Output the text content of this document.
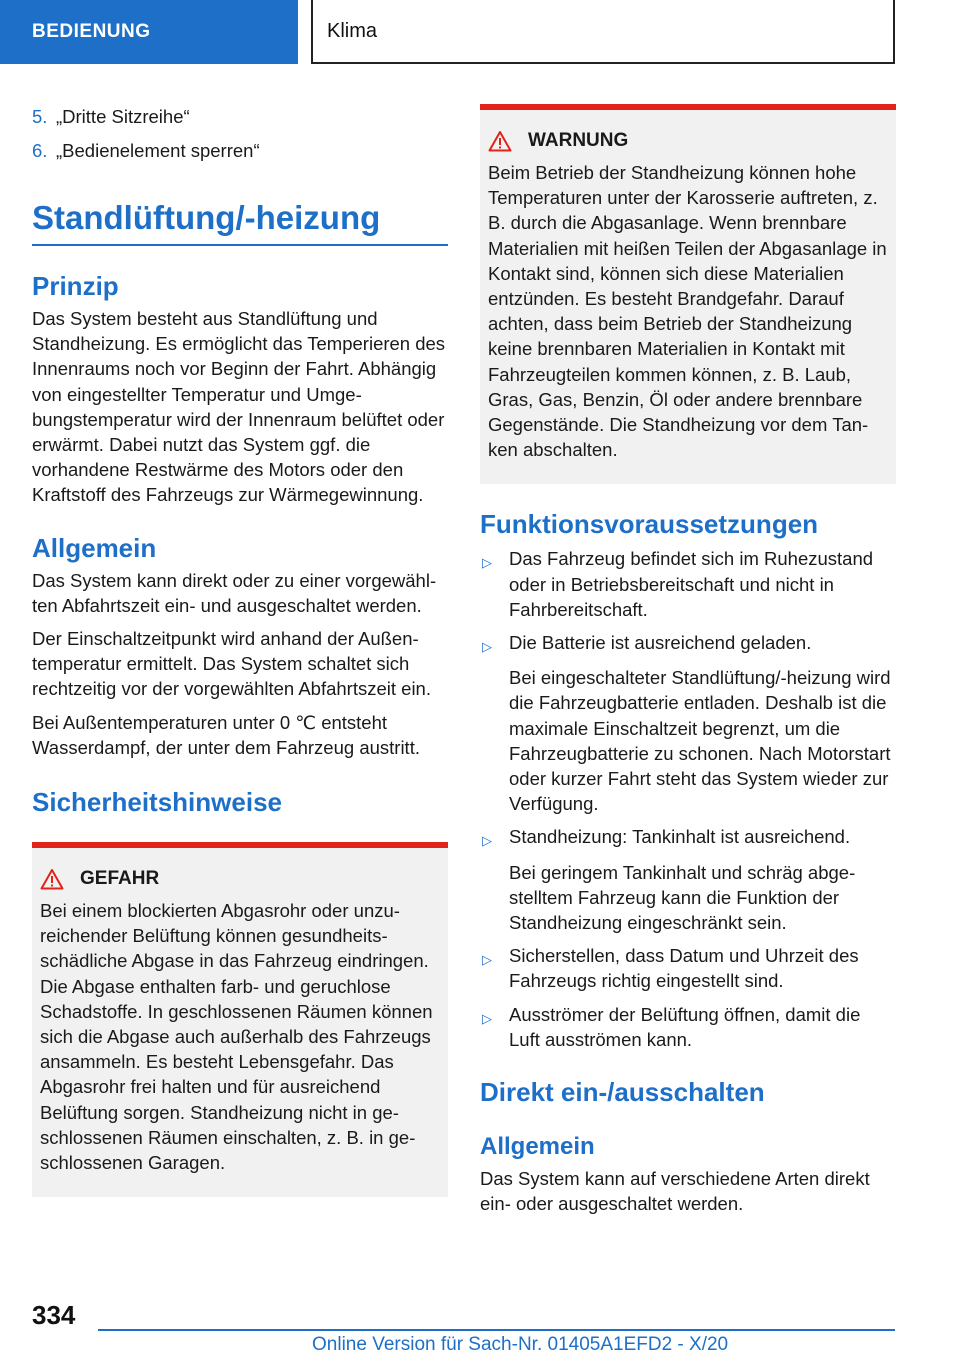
BEDIENUNG	Klima
5. „Dritte Sitzreihe“
6. „Bedienelement sperren“
Standlüftung/-heizung
Prinzip

Das System besteht aus Standlüftung und Standheizung. Es ermöglicht das Temperieren des Innenraums noch vor Beginn der Fahrt. Abhängig von eingestellter Temperatur und Umgebungstemperatur wird der Innenraum belüftet oder erwärmt. Dabei nutzt das System ggf. die vorhandene Restwärme des Motors oder den Kraftstoff des Fahrzeugs zur Wärmegewinnung.

Allgemein

Das System kann direkt oder zu einer vorgewählten Abfahrtszeit ein- und ausgeschaltet werden.

Der Einschaltzeitpunkt wird anhand der Außentemperatur ermittelt. Das System schaltet sich rechtzeitig vor der vorgewählten Abfahrtszeit ein.

Bei Außentemperaturen unter 0 ℃ entsteht Wasserdampf, der unter dem Fahrzeug austritt.

Sicherheitshinweise
GEFAHR

Bei einem blockierten Abgasrohr oder unzureichender Belüftung können gesundheitsschädliche Abgase in das Fahrzeug eindringen. Die Abgase enthalten farb- und geruchlose Schadstoffe. In geschlossenen Räumen können sich die Abgase auch außerhalb des Fahrzeugs ansammeln. Es besteht Lebensgefahr. Das Abgasrohr frei halten und für ausreichend Belüftung sorgen. Standheizung nicht in geschlossenen Räumen einschalten, z. B. in geschlossenen Garagen.

WARNUNG

Beim Betrieb der Standheizung können hohe Temperaturen unter der Karosserie auftreten, z. B. durch die Abgasanlage. Wenn brennbare Materialien mit heißen Teilen der Abgasanlage in Kontakt sind, können sich diese Materialien entzünden. Es besteht Brandgefahr. Darauf achten, dass beim Betrieb der Standheizung keine brennbaren Materialien in Kontakt mit Fahrzeugteilen kommen können, z. B. Laub, Gras, Gas, Benzin, Öl oder andere brennbare Gegenstände. Die Standheizung vor dem Tanken abschalten.

Funktionsvoraussetzungen
▷ Das Fahrzeug befindet sich im Ruhezustand oder in Betriebsbereitschaft und nicht in Fahrbereitschaft.
▷ Die Batterie ist ausreichend geladen.
Bei eingeschalteter Standlüftung/-heizung wird die Fahrzeugbatterie entladen. Deshalb ist die maximale Einschaltzeit begrenzt, um die Fahrzeugbatterie zu schonen. Nach Motorstart oder kurzer Fahrt steht das System wieder zur Verfügung.
▷ Standheizung: Tankinhalt ist ausreichend.
Bei geringem Tankinhalt und schräg abgestelltem Fahrzeug kann die Funktion der Standheizung eingeschränkt sein.
▷ Sicherstellen, dass Datum und Uhrzeit des Fahrzeugs richtig eingestellt sind.
▷ Ausströmer der Belüftung öffnen, damit die Luft ausströmen kann.
Direkt ein-/ausschalten
Allgemein

Das System kann auf verschiedene Arten direkt ein- oder ausgeschaltet werden.

334
Online Version für Sach-Nr. 01405A1EFD2 - X/20
